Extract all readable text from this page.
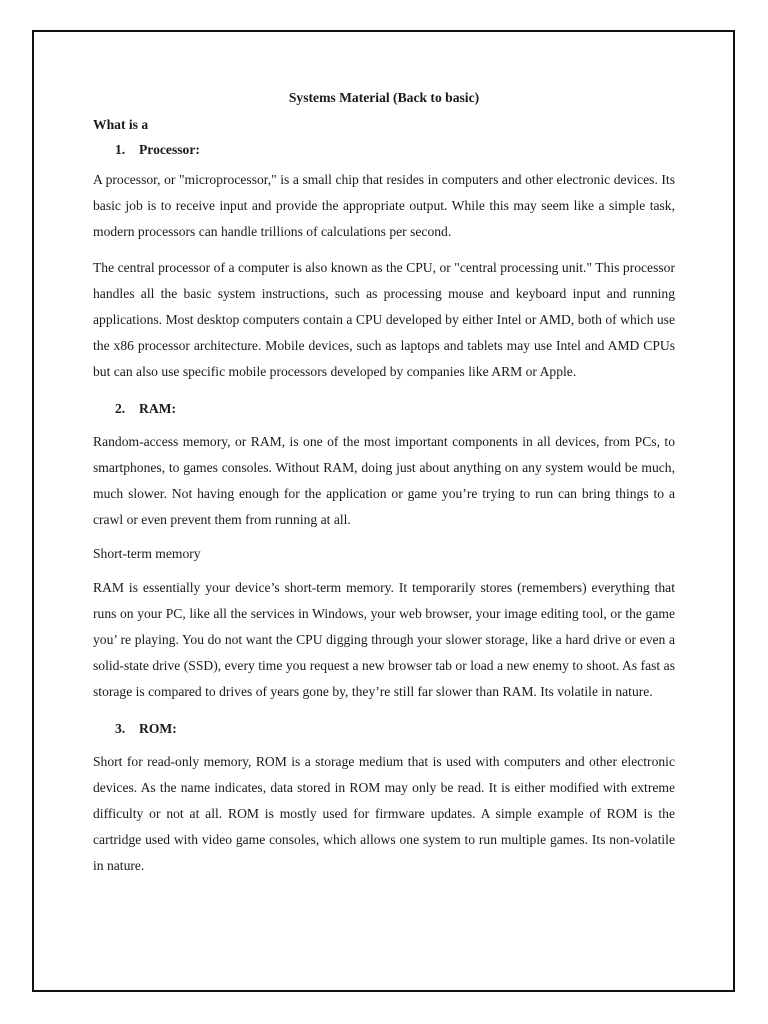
Systems Material (Back to basic)

What is a

1. Processor:

A processor, or "microprocessor," is a small chip that resides in computers and other electronic devices. Its basic job is to receive input and provide the appropriate output. While this may seem like a simple task, modern processors can handle trillions of calculations per second.

The central processor of a computer is also known as the CPU, or "central processing unit." This processor handles all the basic system instructions, such as processing mouse and keyboard input and running applications. Most desktop computers contain a CPU developed by either Intel or AMD, both of which use the x86 processor architecture. Mobile devices, such as laptops and tablets may use Intel and AMD CPUs but can also use specific mobile processors developed by companies like ARM or Apple.

2. RAM:

Random-access memory, or RAM, is one of the most important components in all devices, from PCs, to smartphones, to games consoles. Without RAM, doing just about anything on any system would be much, much slower. Not having enough for the application or game you’re trying to run can bring things to a crawl or even prevent them from running at all.

Short-term memory

RAM is essentially your device’s short-term memory. It temporarily stores (remembers) everything that runs on your PC, like all the services in Windows, your web browser, your image editing tool, or the game you’ re playing. You do not want the CPU digging through your slower storage, like a hard drive or even a solid-state drive (SSD), every time you request a new browser tab or load a new enemy to shoot. As fast as storage is compared to drives of years gone by, they’re still far slower than RAM. Its volatile in nature.

3. ROM:

Short for read-only memory, ROM is a storage medium that is used with computers and other electronic devices. As the name indicates, data stored in ROM may only be read. It is either modified with extreme difficulty or not at all. ROM is mostly used for firmware updates. A simple example of ROM is the cartridge used with video game consoles, which allows one system to run multiple games. Its non-volatile in nature.
